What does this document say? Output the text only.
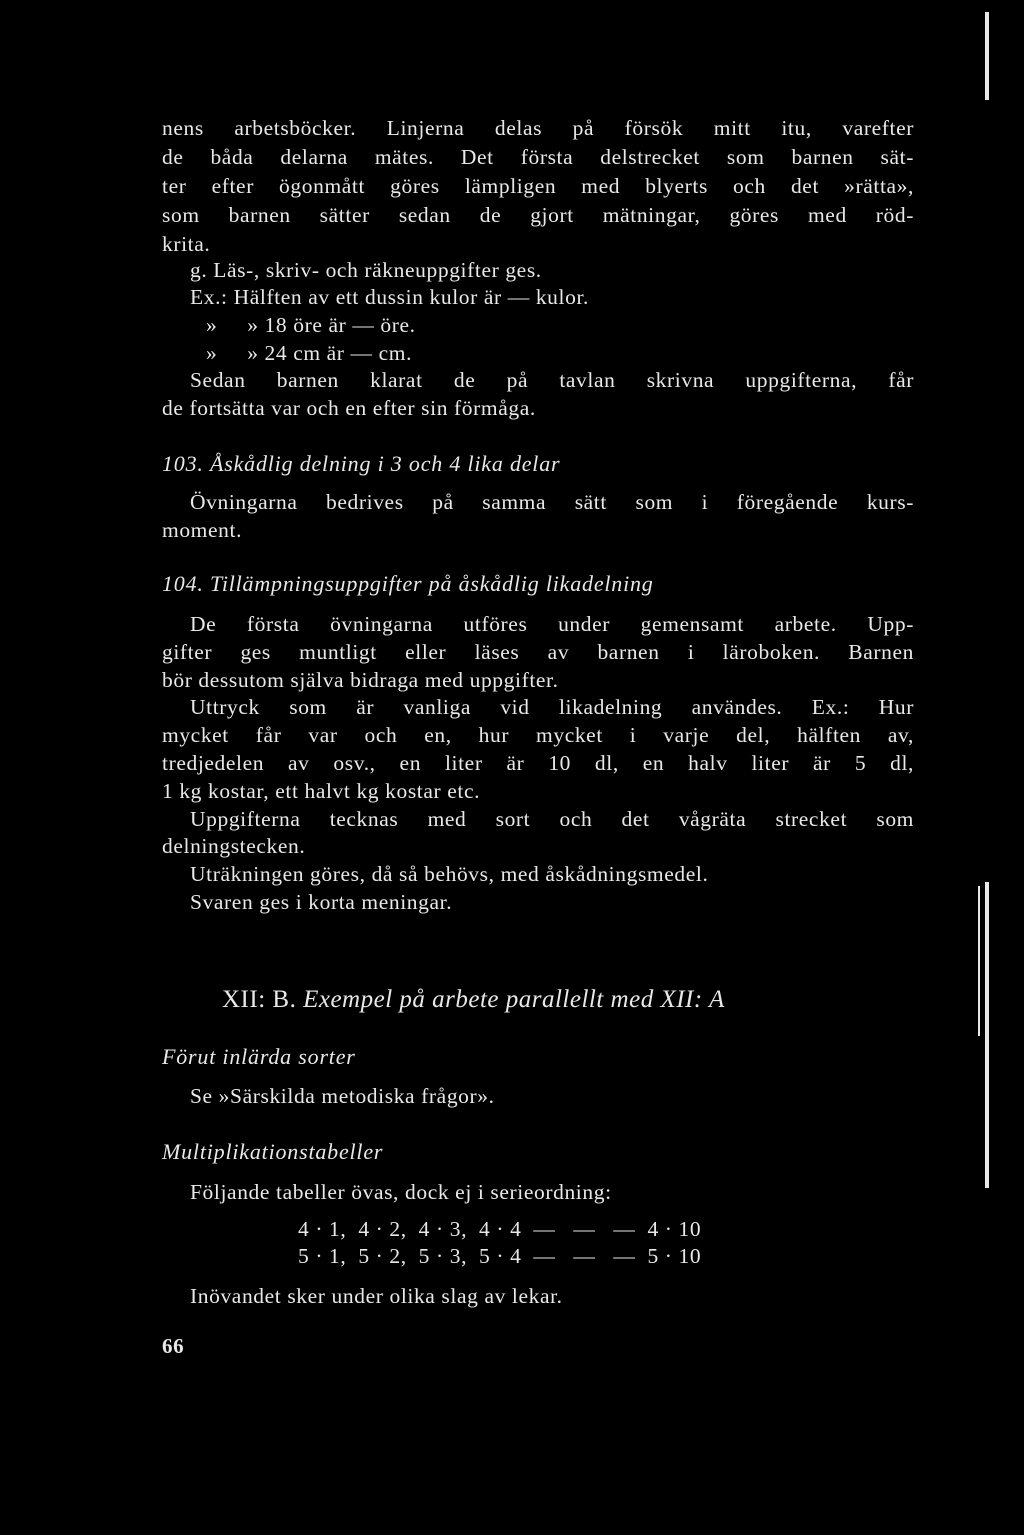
nens arbetsböcker. Linjerna delas på försök mitt itu, varefter
de båda delarna mätes. Det första delstrecket som barnen sät-
ter efter ögonmått göres lämpligen med blyerts och det »rätta»,
som barnen sätter sedan de gjort mätningar, göres med röd-
krita.
g. Läs-, skriv- och räkneuppgifter ges.
Ex.: Hälften av ett dussin kulor är — kulor.
»     » 18 öre är — öre.
»     » 24 cm är — cm.
Sedan barnen klarat de på tavlan skrivna uppgifterna, får
de fortsätta var och en efter sin förmåga.
103. Åskådlig delning i 3 och 4 lika delar
Övningarna bedrives på samma sätt som i föregående kurs-
moment.
104. Tillämpningsuppgifter på åskådlig likadelning
De första övningarna utföres under gemensamt arbete. Upp-
gifter ges muntligt eller läses av barnen i läroboken. Barnen
bör dessutom själva bidraga med uppgifter.
Uttryck som är vanliga vid likadelning användes. Ex.: Hur
mycket får var och en, hur mycket i varje del, hälften av,
tredjedelen av osv., en liter är 10 dl, en halv liter är 5 dl,
1 kg kostar, ett halvt kg kostar etc.
Uppgifterna tecknas med sort och det vågräta strecket som
delningstecken.
Uträkningen göres, då så behövs, med åskådningsmedel.
Svaren ges i korta meningar.
XII: B. Exempel på arbete parallellt med XII: A
Förut inlärda sorter
Se »Särskilda metodiska frågor».
Multiplikationstabeller
Följande tabeller övas, dock ej i serieordning:
4 · 1,  4 · 2,  4 · 3,  4 · 4  —   —   —  4 · 10
5 · 1,  5 · 2,  5 · 3,  5 · 4  —   —   —  5 · 10
Inövandet sker under olika slag av lekar.
66
